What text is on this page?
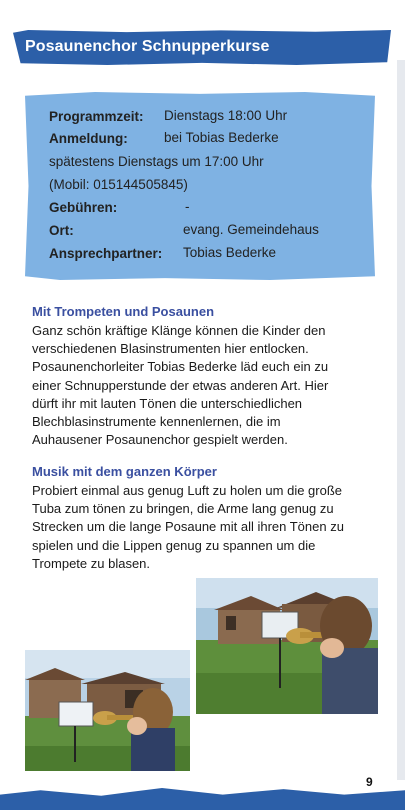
Posaunenchor Schnupperkurse
Programmzeit: Dienstags 18:00 Uhr
Anmeldung:	bei Tobias Bederke
spätestens Dienstags um 17:00 Uhr
(Mobil: 015144505845)
Gebühren:	-
Ort:	evang. Gemeindehaus
Ansprechpartner: Tobias Bederke
Mit Trompeten und Posaunen
Ganz schön kräftige Klänge können die Kinder den
verschiedenen Blasinstrumenten hier entlocken.
Posaunenchorleiter Tobias Bederke läd euch ein zu
einer Schnupperstunde der etwas anderen Art. Hier
dürft ihr mit lauten Tönen die unterschiedlichen
Blechblasinstrumente kennenlernen, die im
Auhausener Posaunenchor gespielt werden.
Musik mit dem ganzen Körper
Probiert einmal aus genug Luft zu holen um die große
Tuba zum tönen zu bringen, die Arme lang genug zu
Strecken um die lange Posaune mit all ihren Tönen zu
spielen und die Lippen genug zu spannen um die
Trompete zu blasen.
9
